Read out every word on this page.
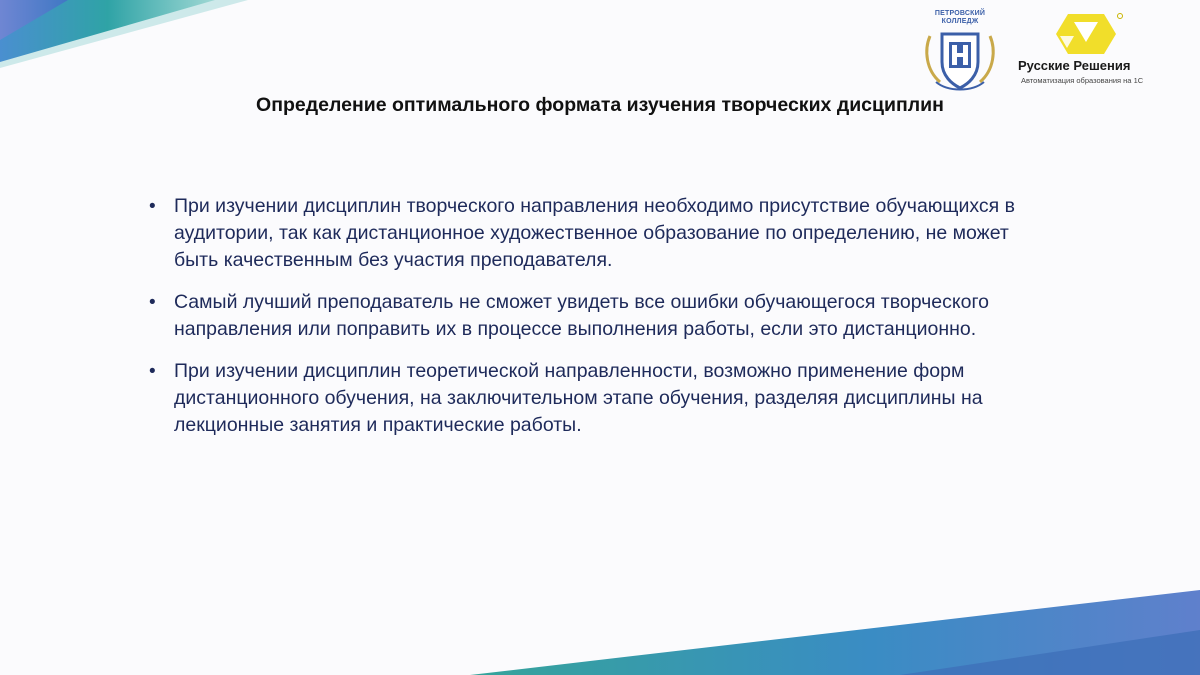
ПЕТРОВСКИЙ
КОЛЛЕДЖ
Русские Решения
Автоматизация образования на 1С
Определение оптимального формата изучения творческих дисциплин
• При изучении дисциплин творческого направления необходимо присутствие обучающихся в аудитории, так как дистанционное художественное образование по определению, не может быть качественным без участия преподавателя.
• Самый лучший преподаватель не сможет увидеть все ошибки обучающегося творческого направления или поправить их в процессе выполнения работы, если это дистанционно.
• При изучении дисциплин теоретической направленности, возможно применение форм дистанционного обучения, на заключительном этапе обучения, разделяя дисциплины на лекционные занятия и практические работы.
